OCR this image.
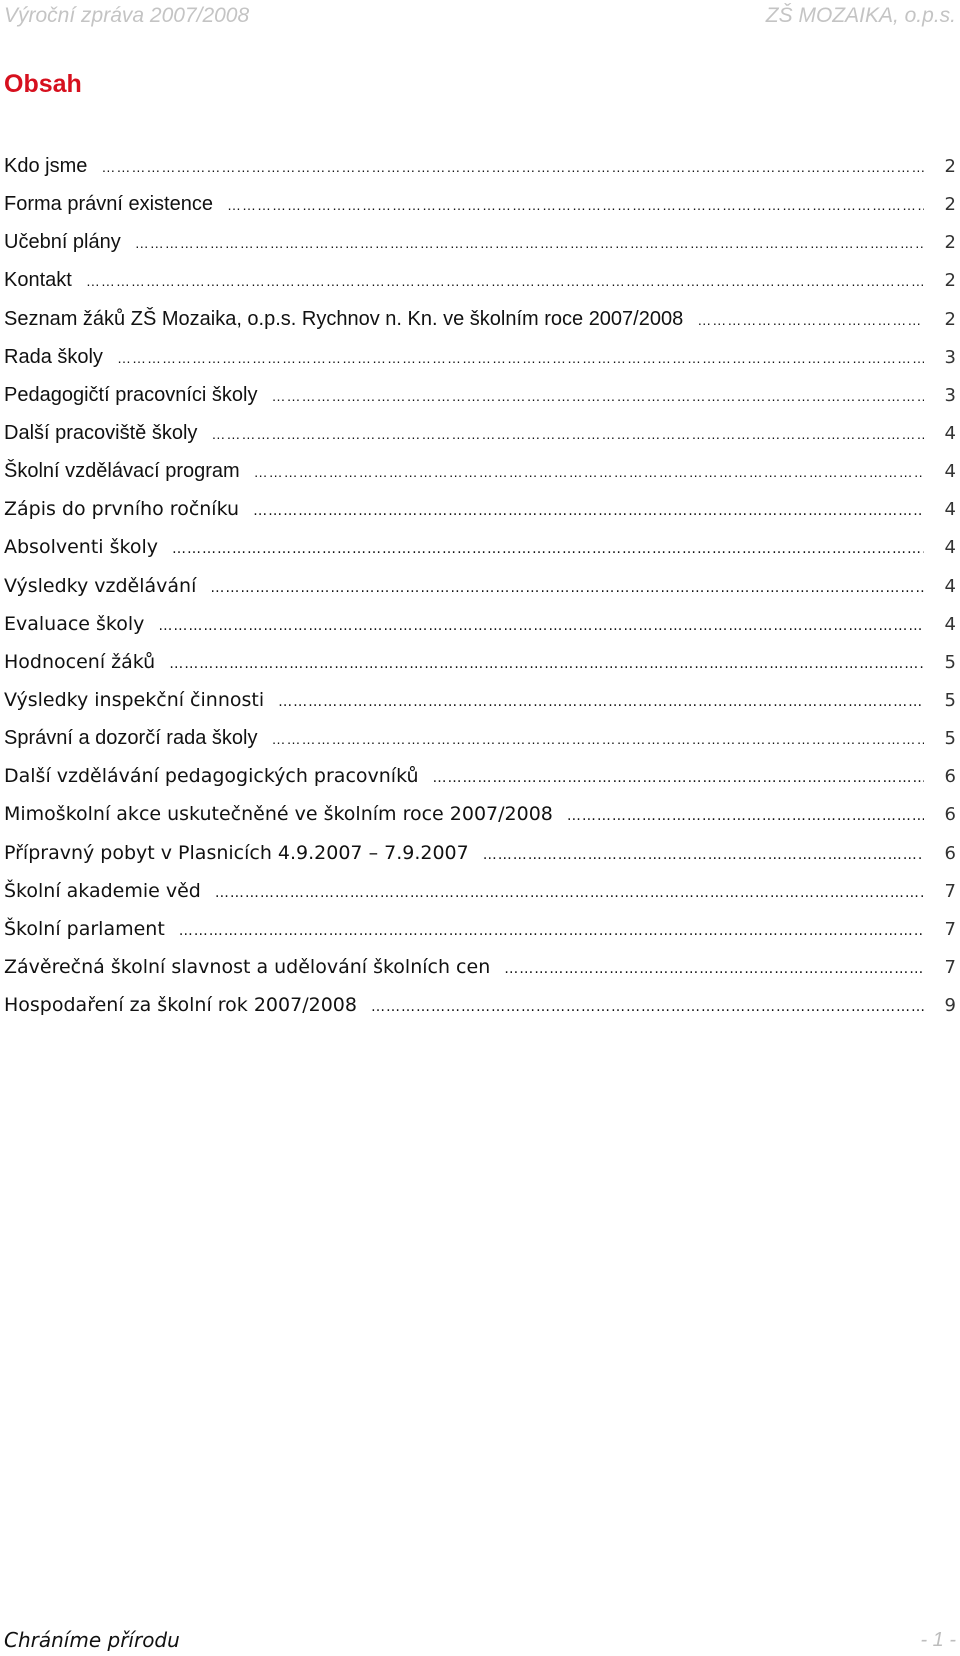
Výroční zpráva 2007/2008	ZŠ MOZAIKA, o.p.s.
Obsah
Kdo jsme ……………………………………………………………………………………………………………………………………………………………………………………………………………………	2
Forma právní existence ……………………………………………………………………………………………………………………………………………………………………………………………………………………	2
Učební plány ……………………………………………………………………………………………………………………………………………………………………………………………………………………	2
Kontakt ……………………………………………………………………………………………………………………………………………………………………………………………………………………	2
Seznam žáků ZŠ Mozaika, o.p.s. Rychnov n. Kn. ve školním roce 2007/2008 ……………………………………………………………………………………………………………………………………………………………………………………………………………………	2
Rada školy ……………………………………………………………………………………………………………………………………………………………………………………………………………………	3
Pedagogičtí pracovníci školy ……………………………………………………………………………………………………………………………………………………………………………………………………………………	3
Další pracoviště školy ……………………………………………………………………………………………………………………………………………………………………………………………………………………	4
Školní vzdělávací program ……………………………………………………………………………………………………………………………………………………………………………………………………………………	4
Zápis do prvního ročníku ……………………………………………………………………………………………………………………………………………………………………………………………………………………	4
Absolventi školy ……………………………………………………………………………………………………………………………………………………………………………………………………………………	4
Výsledky vzdělávání ……………………………………………………………………………………………………………………………………………………………………………………………………………………	4
Evaluace školy ……………………………………………………………………………………………………………………………………………………………………………………………………………………	4
Hodnocení žáků ……………………………………………………………………………………………………………………………………………………………………………………………………………………	5
Výsledky inspekční činnosti ……………………………………………………………………………………………………………………………………………………………………………………………………………………	5
Správní a dozorčí rada školy ……………………………………………………………………………………………………………………………………………………………………………………………………………………	5
Další vzdělávání pedagogických pracovníků ……………………………………………………………………………………………………………………………………………………………………………………………………………………	6
Mimoškolní akce uskutečněné ve školním roce 2007/2008 ……………………………………………………………………………………………………………………………………………………………………………………………………………………	6
Přípravný pobyt v Plasnicích 4.9.2007 – 7.9.2007 ……………………………………………………………………………………………………………………………………………………………………………………………………………………	6
Školní akademie věd ……………………………………………………………………………………………………………………………………………………………………………………………………………………	7
Školní parlament ……………………………………………………………………………………………………………………………………………………………………………………………………………………	7
Závěrečná školní slavnost a udělování školních cen ……………………………………………………………………………………………………………………………………………………………………………………………………………………	7
Hospodaření za školní rok 2007/2008 ……………………………………………………………………………………………………………………………………………………………………………………………………………………	9
Chráníme přírodu	- 1 -
